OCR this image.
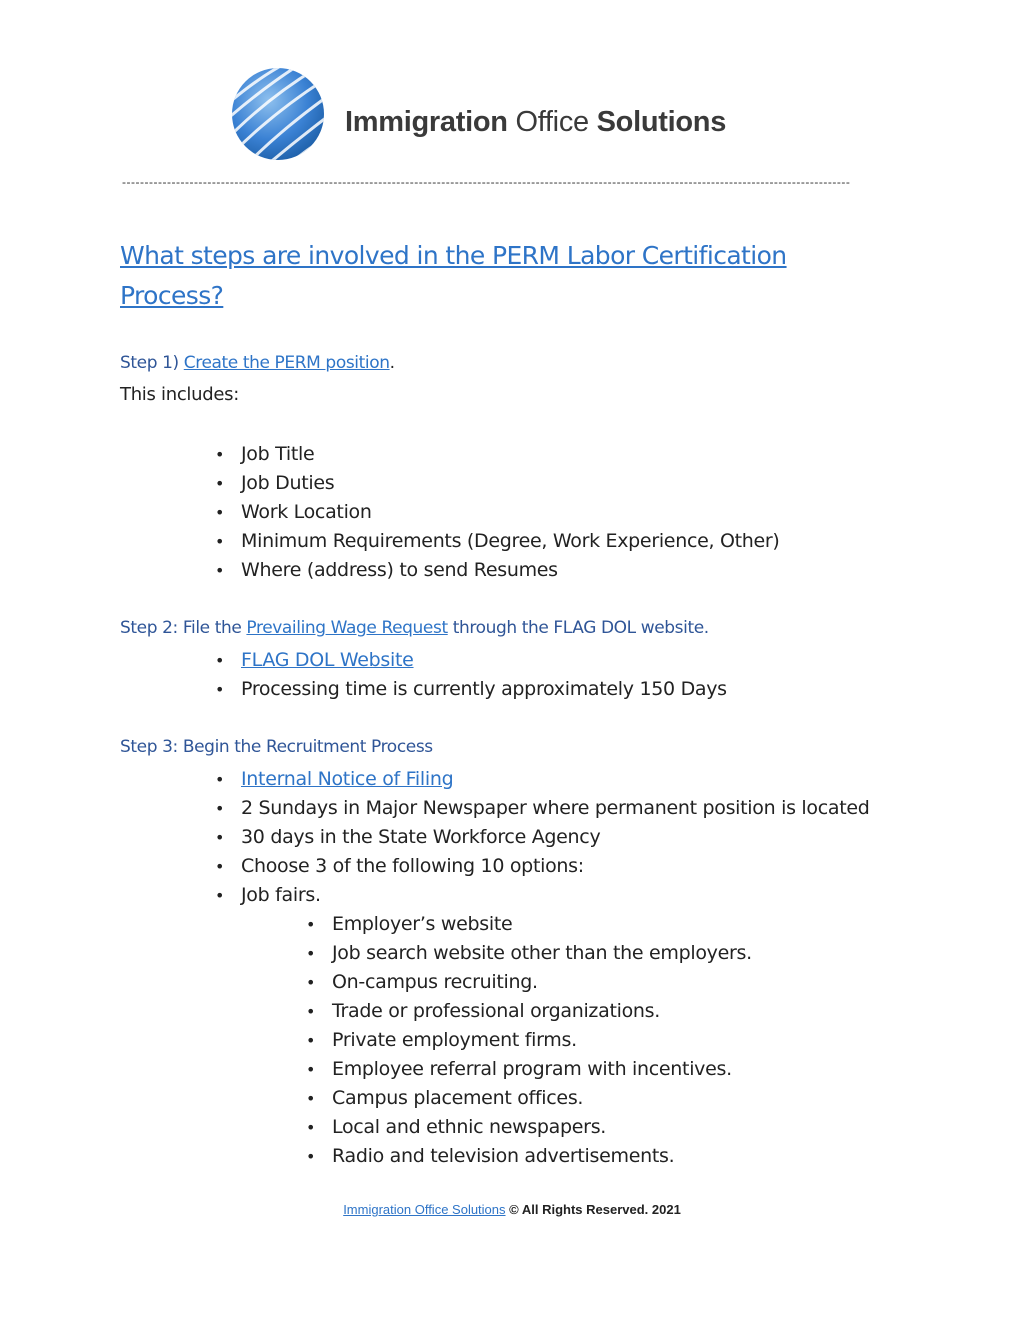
Immigration Office Solutions
------------------------------------------------------------------------------------------------------------------------------------------------------------------
What steps are involved in the PERM Labor Certification Process?

Step 1) Create the PERM position.

This includes:
• Job Title
• Job Duties
• Work Location
• Minimum Requirements (Degree, Work Experience, Other)
• Where (address) to send Resumes

Step 2: File the Prevailing Wage Request through the FLAG DOL website.

• FLAG DOL Website
• Processing time is currently approximately 150 Days

Step 3: Begin the Recruitment Process

• Internal Notice of Filing
• 2 Sundays in Major Newspaper where permanent position is located
• 30 days in the State Workforce Agency
• Choose 3 of the following 10 options:
• Job fairs.
• Employer’s website
• Job search website other than the employers.
• On-campus recruiting.
• Trade or professional organizations.
• Private employment firms.
• Employee referral program with incentives.
• Campus placement offices.
• Local and ethnic newspapers.
• Radio and television advertisements.
Immigration Office Solutions © All Rights Reserved. 2021
